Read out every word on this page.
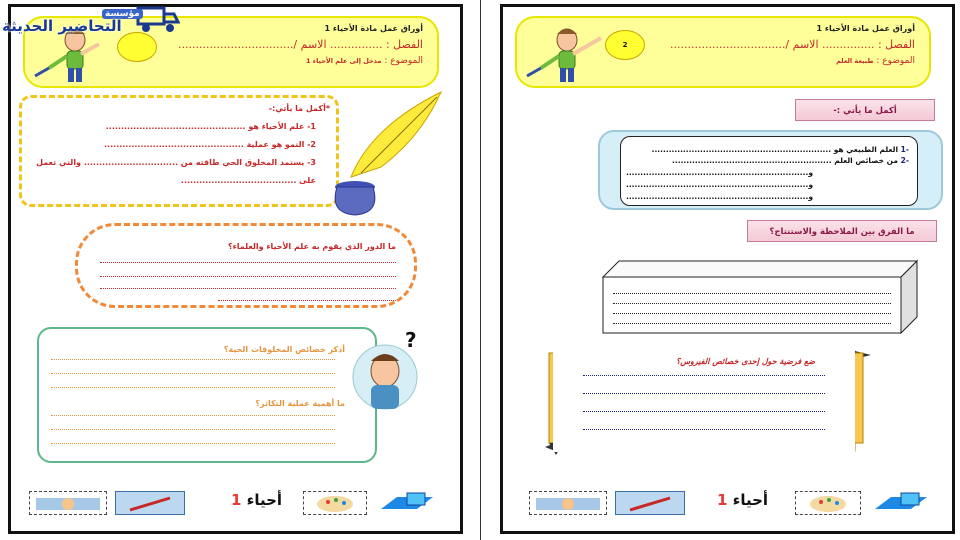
أوراق عمل مادة الأحياء 1
الفصل : ............... الاسم /.................................
الموضوع : مدخل إلى علم الأحياء 1
*أكمل ما يأتي:-
1- علم الأحياء هو ..............................................
2- النمو هو عملية ..............................................
3- يستمد المخلوق الحي طاقته من ............................... والتي تعمل
على ......................................
ما الدور الذي يقوم به علم الأحياء والعلماء؟
أذكر خصائص المخلوقات الحية؟
ما أهمية عملية التكاثر؟
?
أحياء 1
2
أوراق عمل مادة الأحياء 1
الفصل : ............... الاسم /.................................
الموضوع : طبيعة العلم
أكمل ما يأتي :-
-1 العلم الطبيعي هو ...............................................................
-2 من خصائص العلم ........................................................
و................................................................
و................................................................
و................................................................
ما الفرق بين الملاحظة والاستنتاج؟
ضع فرضية حول إحدى خصائص الفيروس؟
أحياء 1
مؤسسة
التحاضير الحديثة
